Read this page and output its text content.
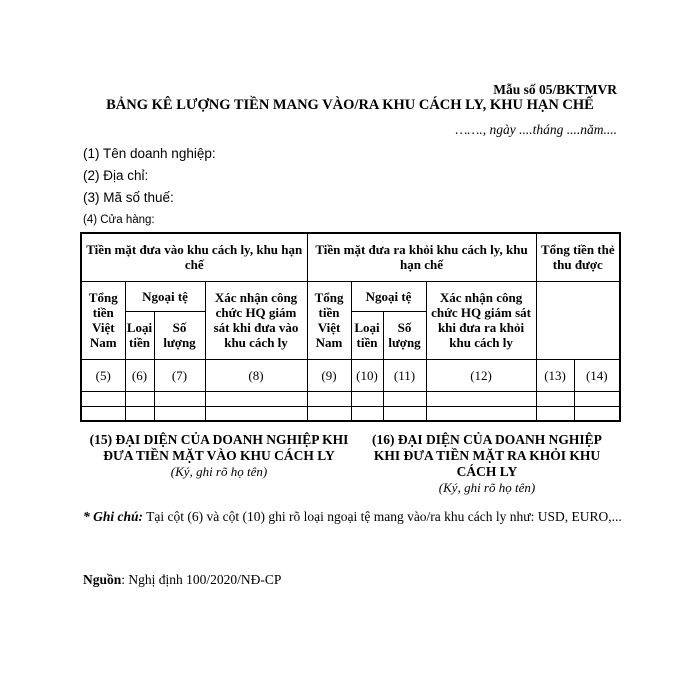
Mẫu số 05/BKTMVR
BẢNG KÊ LƯỢNG TIỀN MANG VÀO/RA KHU CÁCH LY, KHU HẠN CHẾ
……., ngày ....tháng ....năm....
(1) Tên doanh nghiệp:
(2) Địa chỉ:
(3) Mã số thuế:
(4) Cửa hàng:
Tiền mặt đưa vào khu cách ly, khu hạn chế				Tiền mặt đưa ra khỏi khu cách ly, khu hạn chế				Tổng tiền thẻ thu được	
Tổng tiền Việt Nam	Ngoại tệ		Xác nhận công chức HQ giám sát khi đưa vào khu cách ly	Tổng tiền Việt Nam	Ngoại tệ		Xác nhận công chức HQ giám sát khi đưa ra khỏi khu cách ly		
	Loại tiền	Số lượng			Loại tiền	Số lượng			
(5)	(6)	(7)	(8)	(9)	(10)	(11)	(12)	(13)	(14)

(15) ĐẠI DIỆN CỦA DOANH NGHIỆP KHI ĐƯA TIỀN MẶT VÀO KHU CÁCH LY
(Ký, ghi rõ họ tên)
(16) ĐẠI DIỆN CỦA DOANH NGHIỆP KHI ĐƯA TIỀN MẶT RA KHỎI KHU CÁCH LY
(Ký, ghi rõ họ tên)
* Ghi chú: Tại cột (6) và cột (10) ghi rõ loại ngoại tệ mang vào/ra khu cách ly như: USD, EURO,...
Nguồn: Nghị định 100/2020/NĐ-CP
